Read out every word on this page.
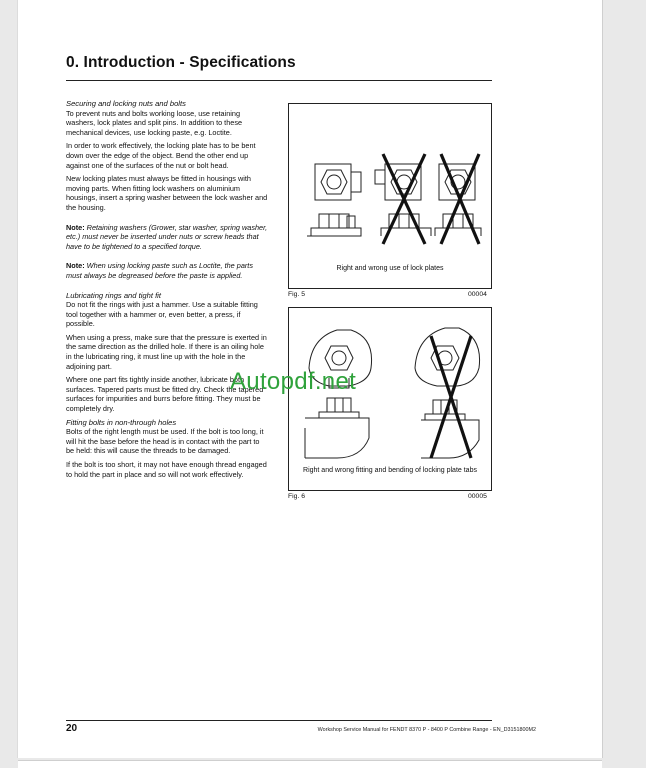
0. Introduction - Specifications
Securing and locking nuts and bolts

To prevent nuts and bolts working loose, use retaining washers, lock plates and split pins. In addition to these mechanical devices, use locking paste, e.g. Loctite.

In order to work effectively, the locking plate has to be bent down over the edge of the object. Bend the other end up against one of the surfaces of the nut or bolt head.

New locking plates must always be fitted in housings with moving parts. When fitting lock washers on aluminium housings, insert a spring washer between the lock washer and the housing.

Note: Retaining washers (Grower, star washer, spring washer, etc.) must never be inserted under nuts or screw heads that have to be tightened to a specified torque.

Note: When using locking paste such as Loctite, the parts must always be degreased before the paste is applied.

Lubricating rings and tight fit

Do not fit the rings with just a hammer. Use a suitable fitting tool together with a hammer or, even better, a press, if possible.

When using a press, make sure that the pressure is exerted in the same direction as the drilled hole. If there is an oiling hole in the lubricating ring, it must line up with the hole in the adjoining part.

Where one part fits tightly inside another, lubricate both surfaces. Tapered parts must be fitted dry. Check the tapered surfaces for impurities and burrs before fitting. They must be completely dry.

Fitting bolts in non-through holes

Bolts of the right length must be used. If the bolt is too long, it will hit the base before the head is in contact with the part to be held: this will cause the threads to be damaged.

If the bolt is too short, it may not have enough thread engaged to hold the part in place and so will not work effectively.

Right and wrong use of lock plates
Fig. 5	00004
Right and wrong fitting and bending of locking plate tabs
Fig. 6	00005
Autopdf.net
20	Workshop Service Manual for FENDT 8370 P - 8400 P Combine Range - EN_D3151800M2
